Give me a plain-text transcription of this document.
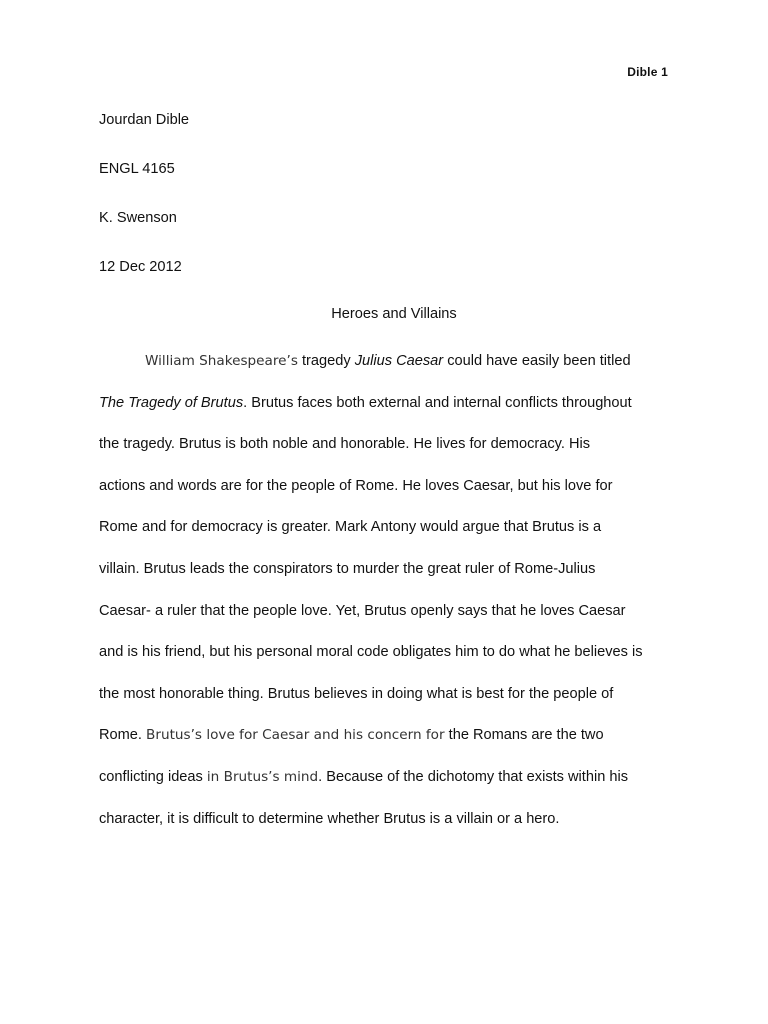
Dible 1
Jourdan Dible
ENGL 4165
K. Swenson
12 Dec 2012
Heroes and Villains
William Shakespeare’s tragedy Julius Caesar could have easily been titled
The Tragedy of Brutus. Brutus faces both external and internal conflicts throughout
the tragedy. Brutus is both noble and honorable. He lives for democracy. His
actions and words are for the people of Rome. He loves Caesar, but his love for
Rome and for democracy is greater. Mark Antony would argue that Brutus is a
villain. Brutus leads the conspirators to murder the great ruler of Rome-Julius
Caesar- a ruler that the people love. Yet, Brutus openly says that he loves Caesar
and is his friend, but his personal moral code obligates him to do what he believes is
the most honorable thing. Brutus believes in doing what is best for the people of
Rome. Brutus’s love for Caesar and his concern for the Romans are the two
conflicting ideas in Brutus’s mind. Because of the dichotomy that exists within his
character, it is difficult to determine whether Brutus is a villain or a hero.
